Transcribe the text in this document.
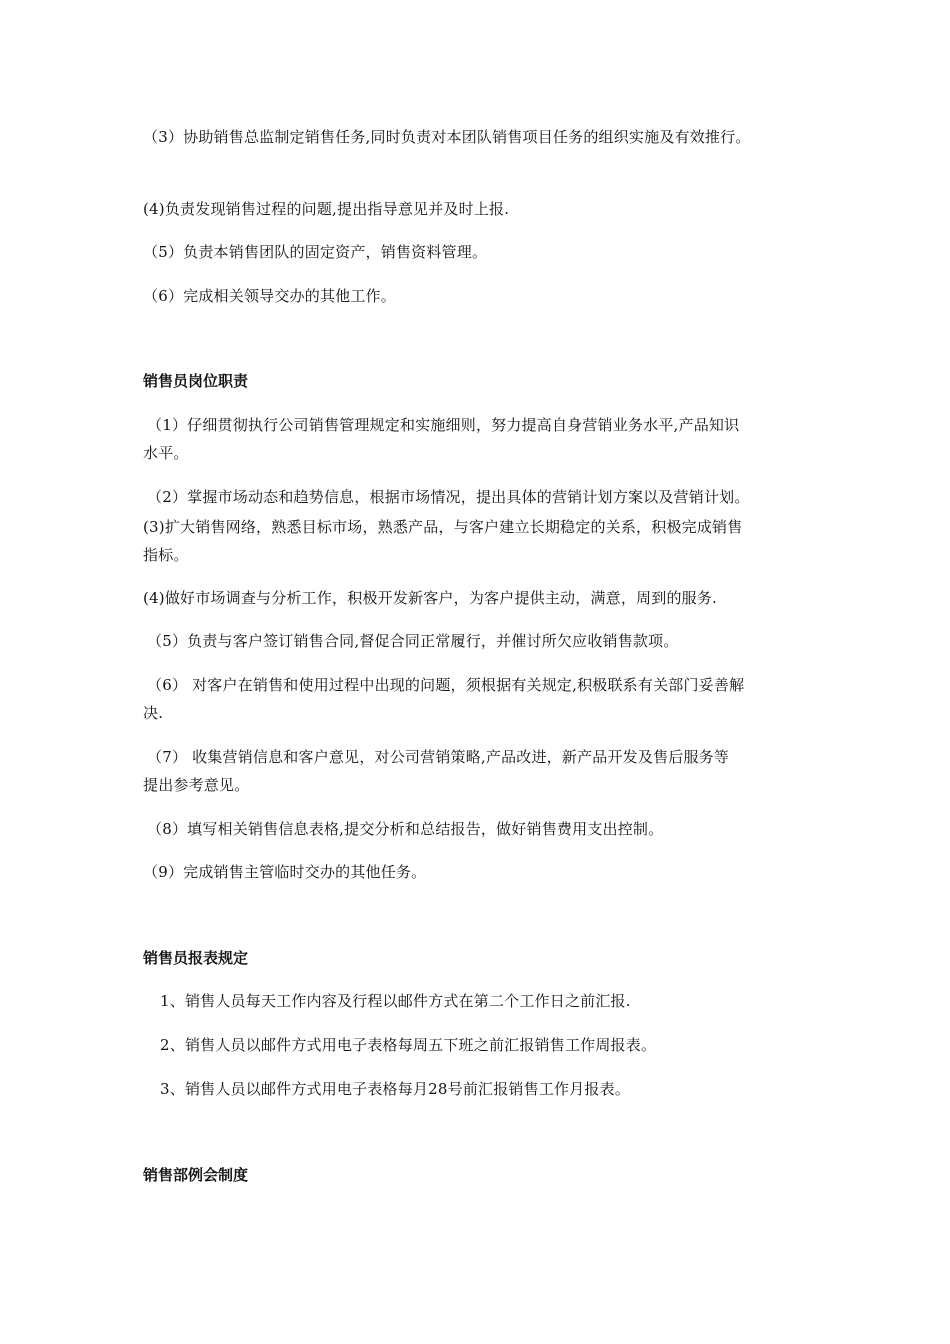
（3）协助销售总监制定销售任务,同时负责对本团队销售项目任务的组织实施及有效推行。
(4)负责发现销售过程的问题,提出指导意见并及时上报.
（5）负责本销售团队的固定资产，销售资料管理。
（6）完成相关领导交办的其他工作。
销售员岗位职责
（1）仔细贯彻执行公司销售管理规定和实施细则，努力提高自身营销业务水平,产品知识
水平。
（2）掌握市场动态和趋势信息，根据市场情况，提出具体的营销计划方案以及营销计划。
(3)扩大销售网络，熟悉目标市场，熟悉产品，与客户建立长期稳定的关系，积极完成销售
指标。
(4)做好市场调查与分析工作，积极开发新客户，为客户提供主动，满意，周到的服务.
（5）负责与客户签订销售合同,督促合同正常履行，并催讨所欠应收销售款项。
（6） 对客户在销售和使用过程中出现的问题，须根据有关规定,积极联系有关部门妥善解
决.
（7） 收集营销信息和客户意见，对公司营销策略,产品改进，新产品开发及售后服务等
提出参考意见。
（8）填写相关销售信息表格,提交分析和总结报告，做好销售费用支出控制。
（9）完成销售主管临时交办的其他任务。
销售员报表规定
1、销售人员每天工作内容及行程以邮件方式在第二个工作日之前汇报.
2、销售人员以邮件方式用电子表格每周五下班之前汇报销售工作周报表。
3、销售人员以邮件方式用电子表格每月28号前汇报销售工作月报表。
销售部例会制度
